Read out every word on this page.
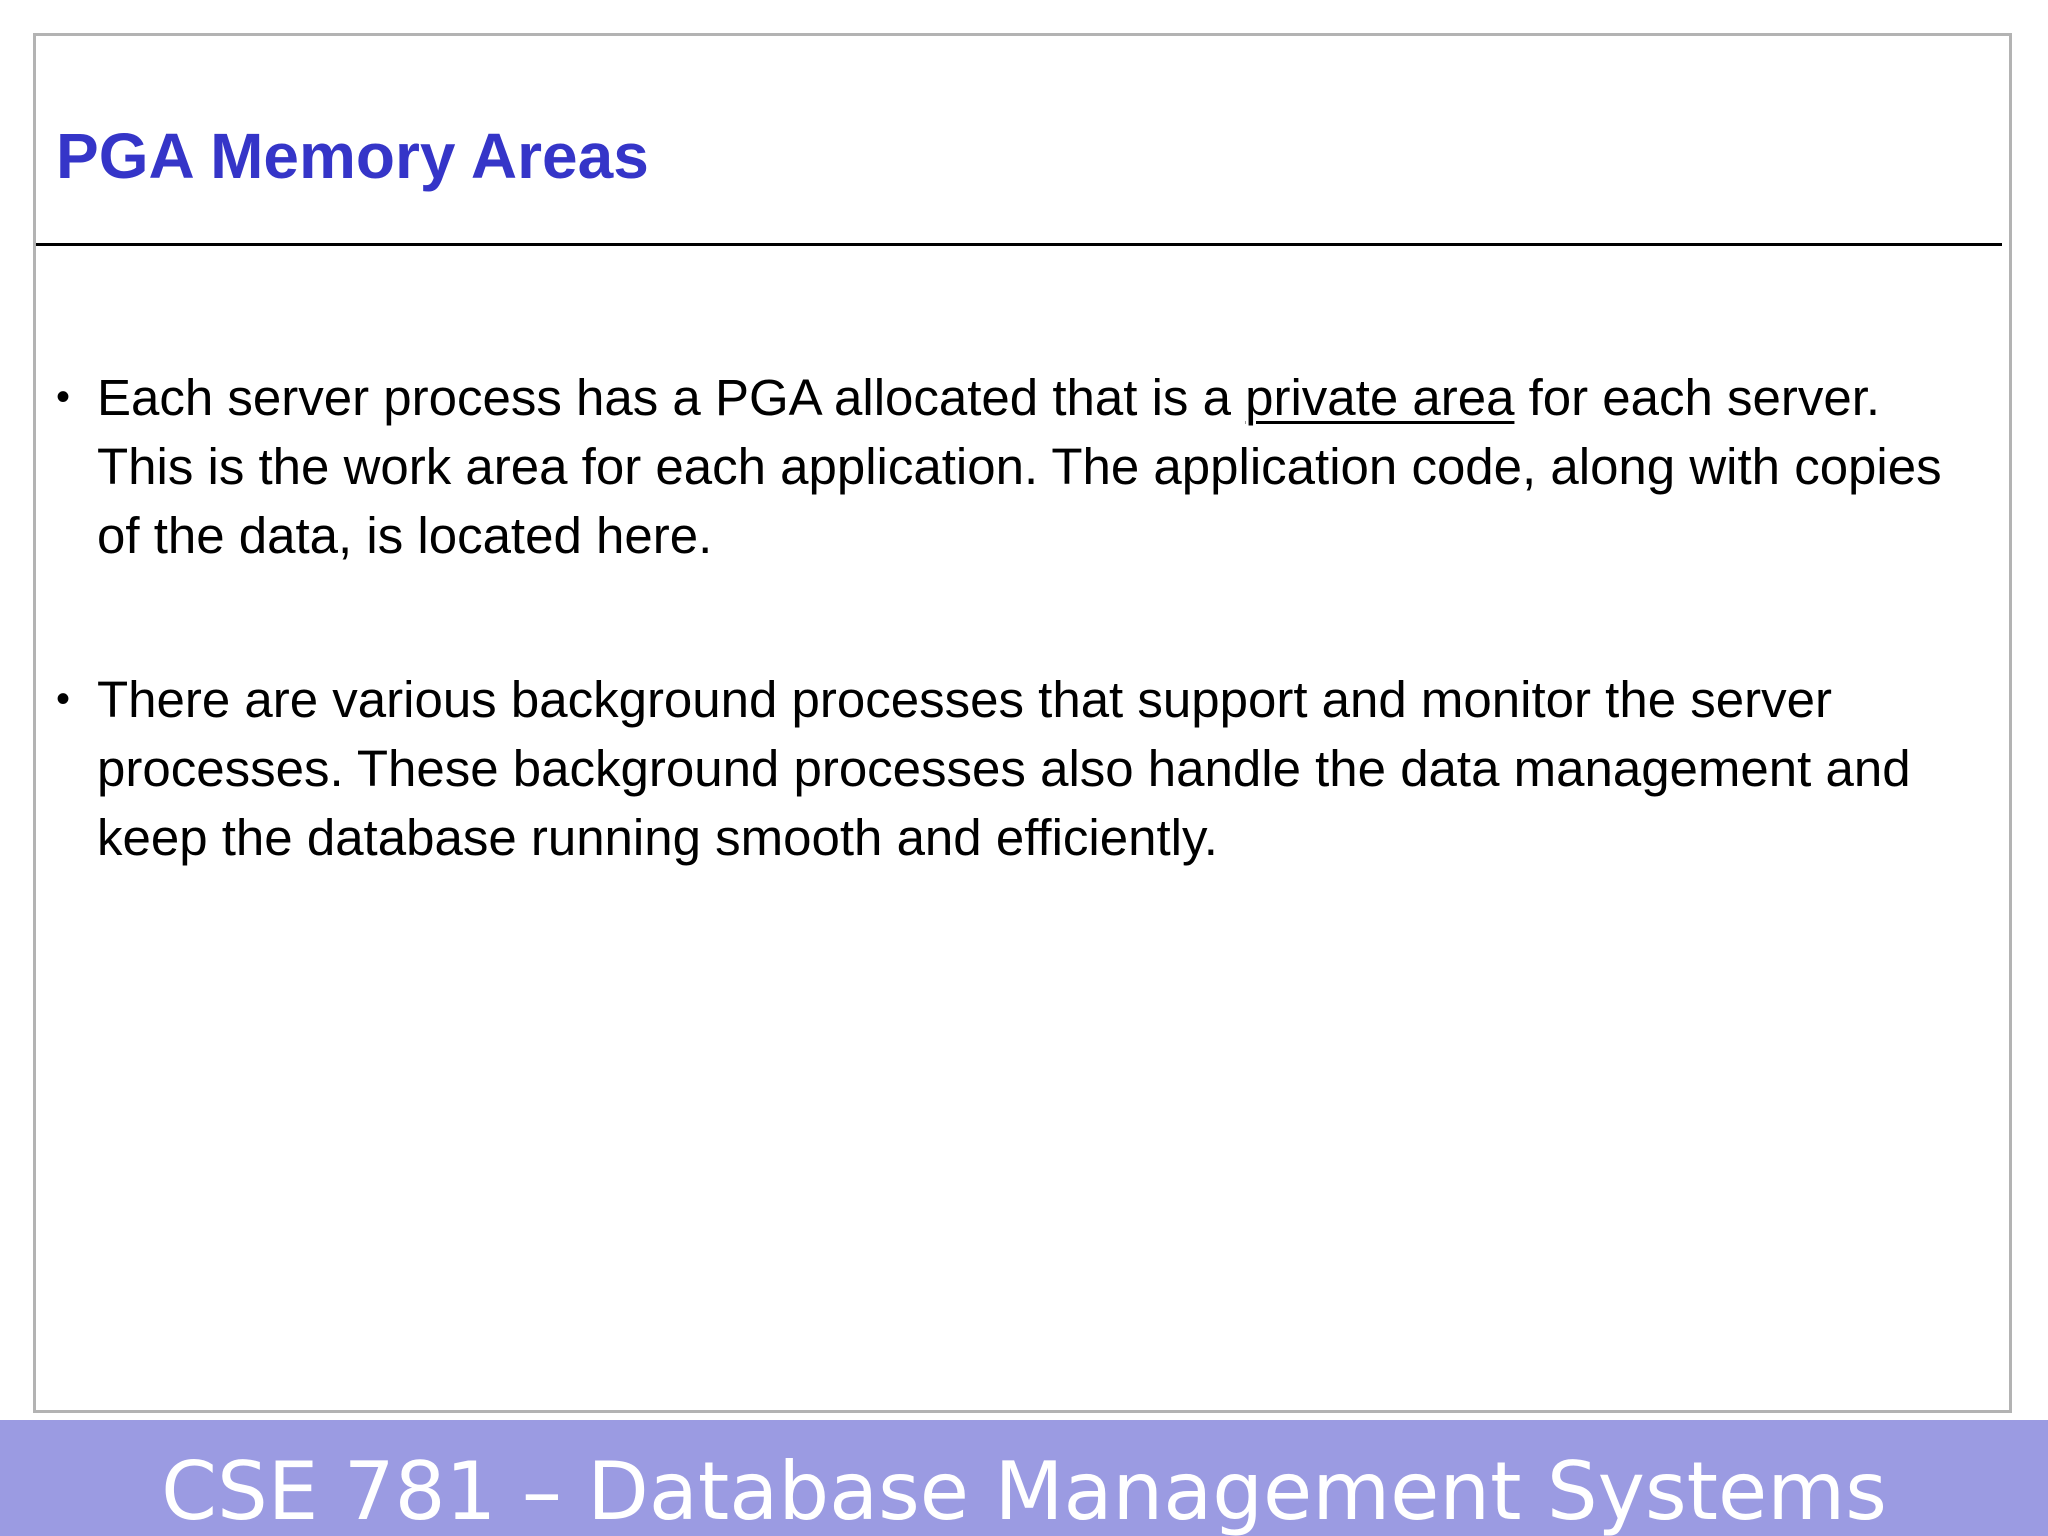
PGA Memory Areas
• Each server process has a PGA allocated that is a private area for each server. This is the work area for each application. The application code, along with copies of the data, is located here.
• There are various background processes that support and monitor the server processes. These background processes also handle the data management and keep the database running smooth and efficiently.
CSE 781 – Database Management Systems
